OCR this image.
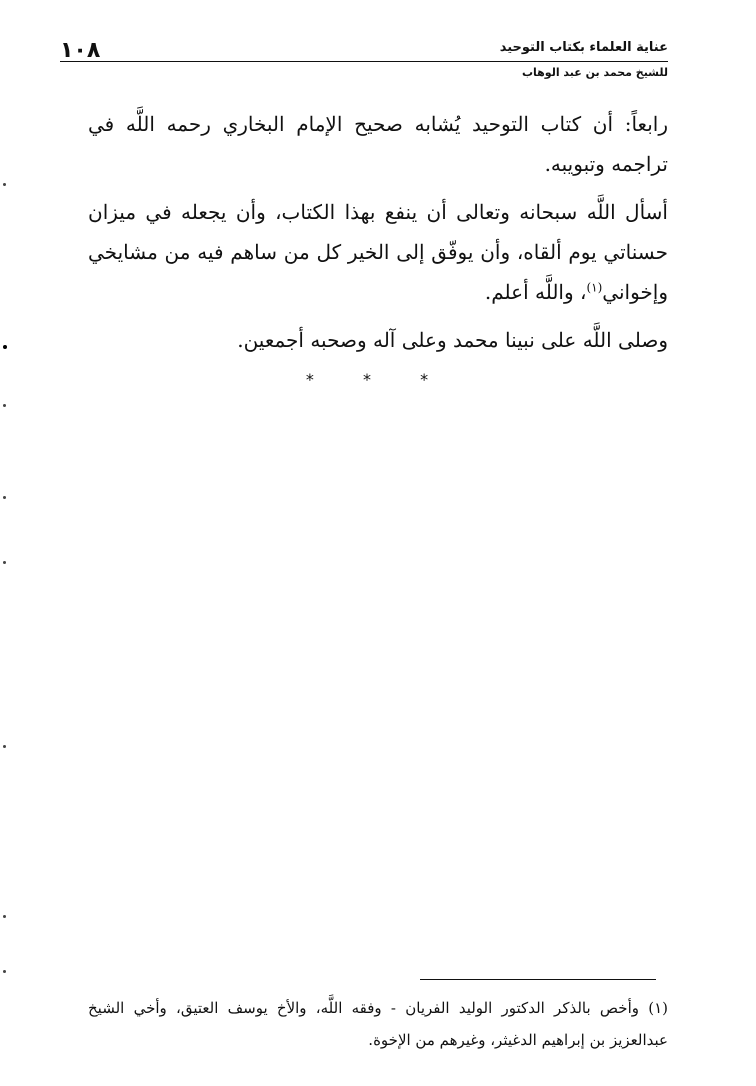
١٠٨	عناية العلماء بكتاب التوحيد
للشيخ محمد بن عبد الوهاب

رابعاً: أن كتاب التوحيد يُشابه صحيح الإمام البخاري رحمه اللَّه في تراجمه وتبويبه.

أسأل اللَّه سبحانه وتعالى أن ينفع بهذا الكتاب، وأن يجعله في ميزان حسناتي يوم ألقاه، وأن يوفّق إلى الخير كل من ساهم فيه من مشايخي وإخواني$^{(١)}$، واللَّه أعلم.

وصلى اللَّه على نبينا محمد وعلى آله وصحبه أجمعين.

* * *
(١) وأخص بالذكر الدكتور الوليد الفريان - وفقه اللَّه، والأخ يوسف العتيق، وأخي الشيخ عبدالعزيز بن إبراهيم الدغيثر، وغيرهم من الإخوة.
